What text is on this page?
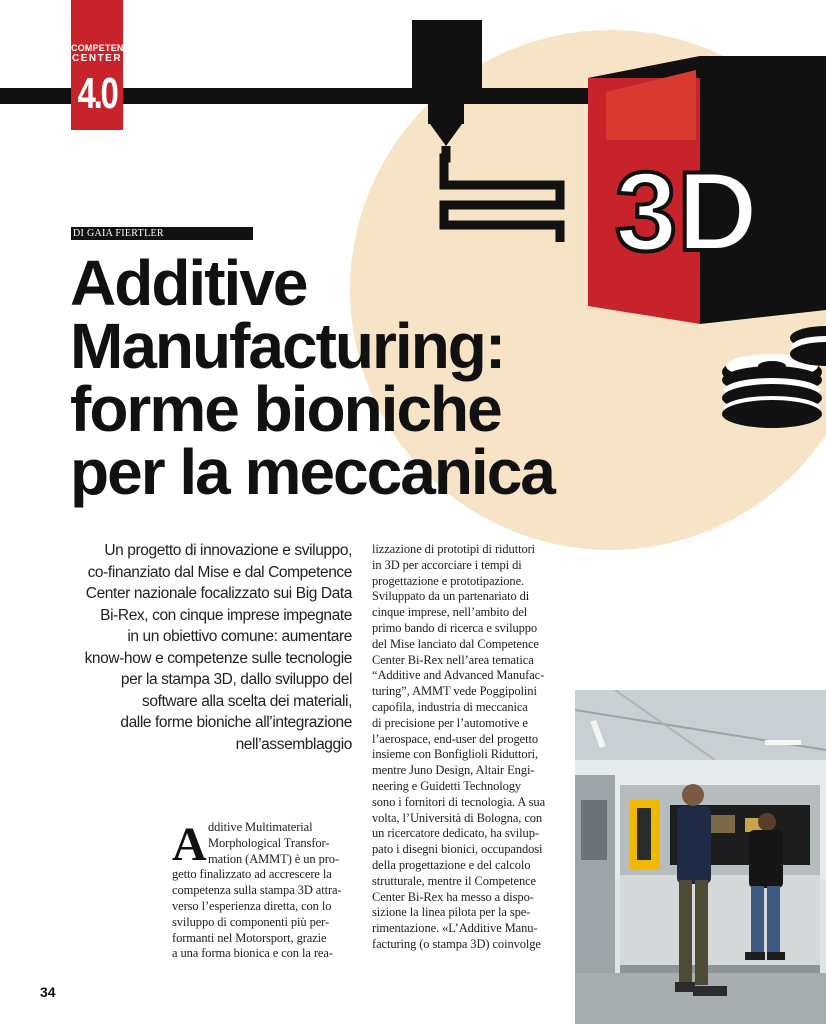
COMPETENCE
CENTER
4.0
3D
DI GAIA FIERTLER
Additive
Manufacturing:
forme bioniche
per la meccanica
Un progetto di innovazione e sviluppo,
co-finanziato dal Mise e dal Competence
Center nazionale focalizzato sui Big Data
Bi-Rex, con cinque imprese impegnate
in un obiettivo comune: aumentare
know-how e competenze sulle tecnologie
per la stampa 3D, dallo sviluppo del
software alla scelta dei materiali,
dalle forme bioniche all’integrazione
nell’assemblaggio
A dditive Multimaterial
Morphological Transfor-
mation (AMMT) è un pro-
getto finalizzato ad accrescere la
competenza sulla stampa 3D attra-
verso l’esperienza diretta, con lo
sviluppo di componenti più per-
formanti nel Motorsport, grazie
a una forma bionica e con la rea-
lizzazione di prototipi di riduttori
in 3D per accorciare i tempi di
progettazione e prototipazione.
Sviluppato da un partenariato di
cinque imprese, nell’ambito del
primo bando di ricerca e sviluppo
del Mise lanciato dal Competence
Center Bi-Rex nell’area tematica
“Additive and Advanced Manufac-
turing”, AMMT vede Poggipolini
capofila, industria di meccanica
di precisione per l’automotive e
l’aerospace, end-user del progetto
insieme con Bonfiglioli Riduttori,
mentre Juno Design, Altair Engi-
neering e Guidetti Technology
sono i fornitori di tecnologia. A sua
volta, l’Università di Bologna, con
un ricercatore dedicato, ha svilup-
pato i disegni bionici, occupandosi
della progettazione e del calcolo
strutturale, mentre il Competence
Center Bi-Rex ha messo a dispo-
sizione la linea pilota per la spe-
rimentazione. «L’Additive Manu-
facturing (o stampa 3D) coinvolge
34
